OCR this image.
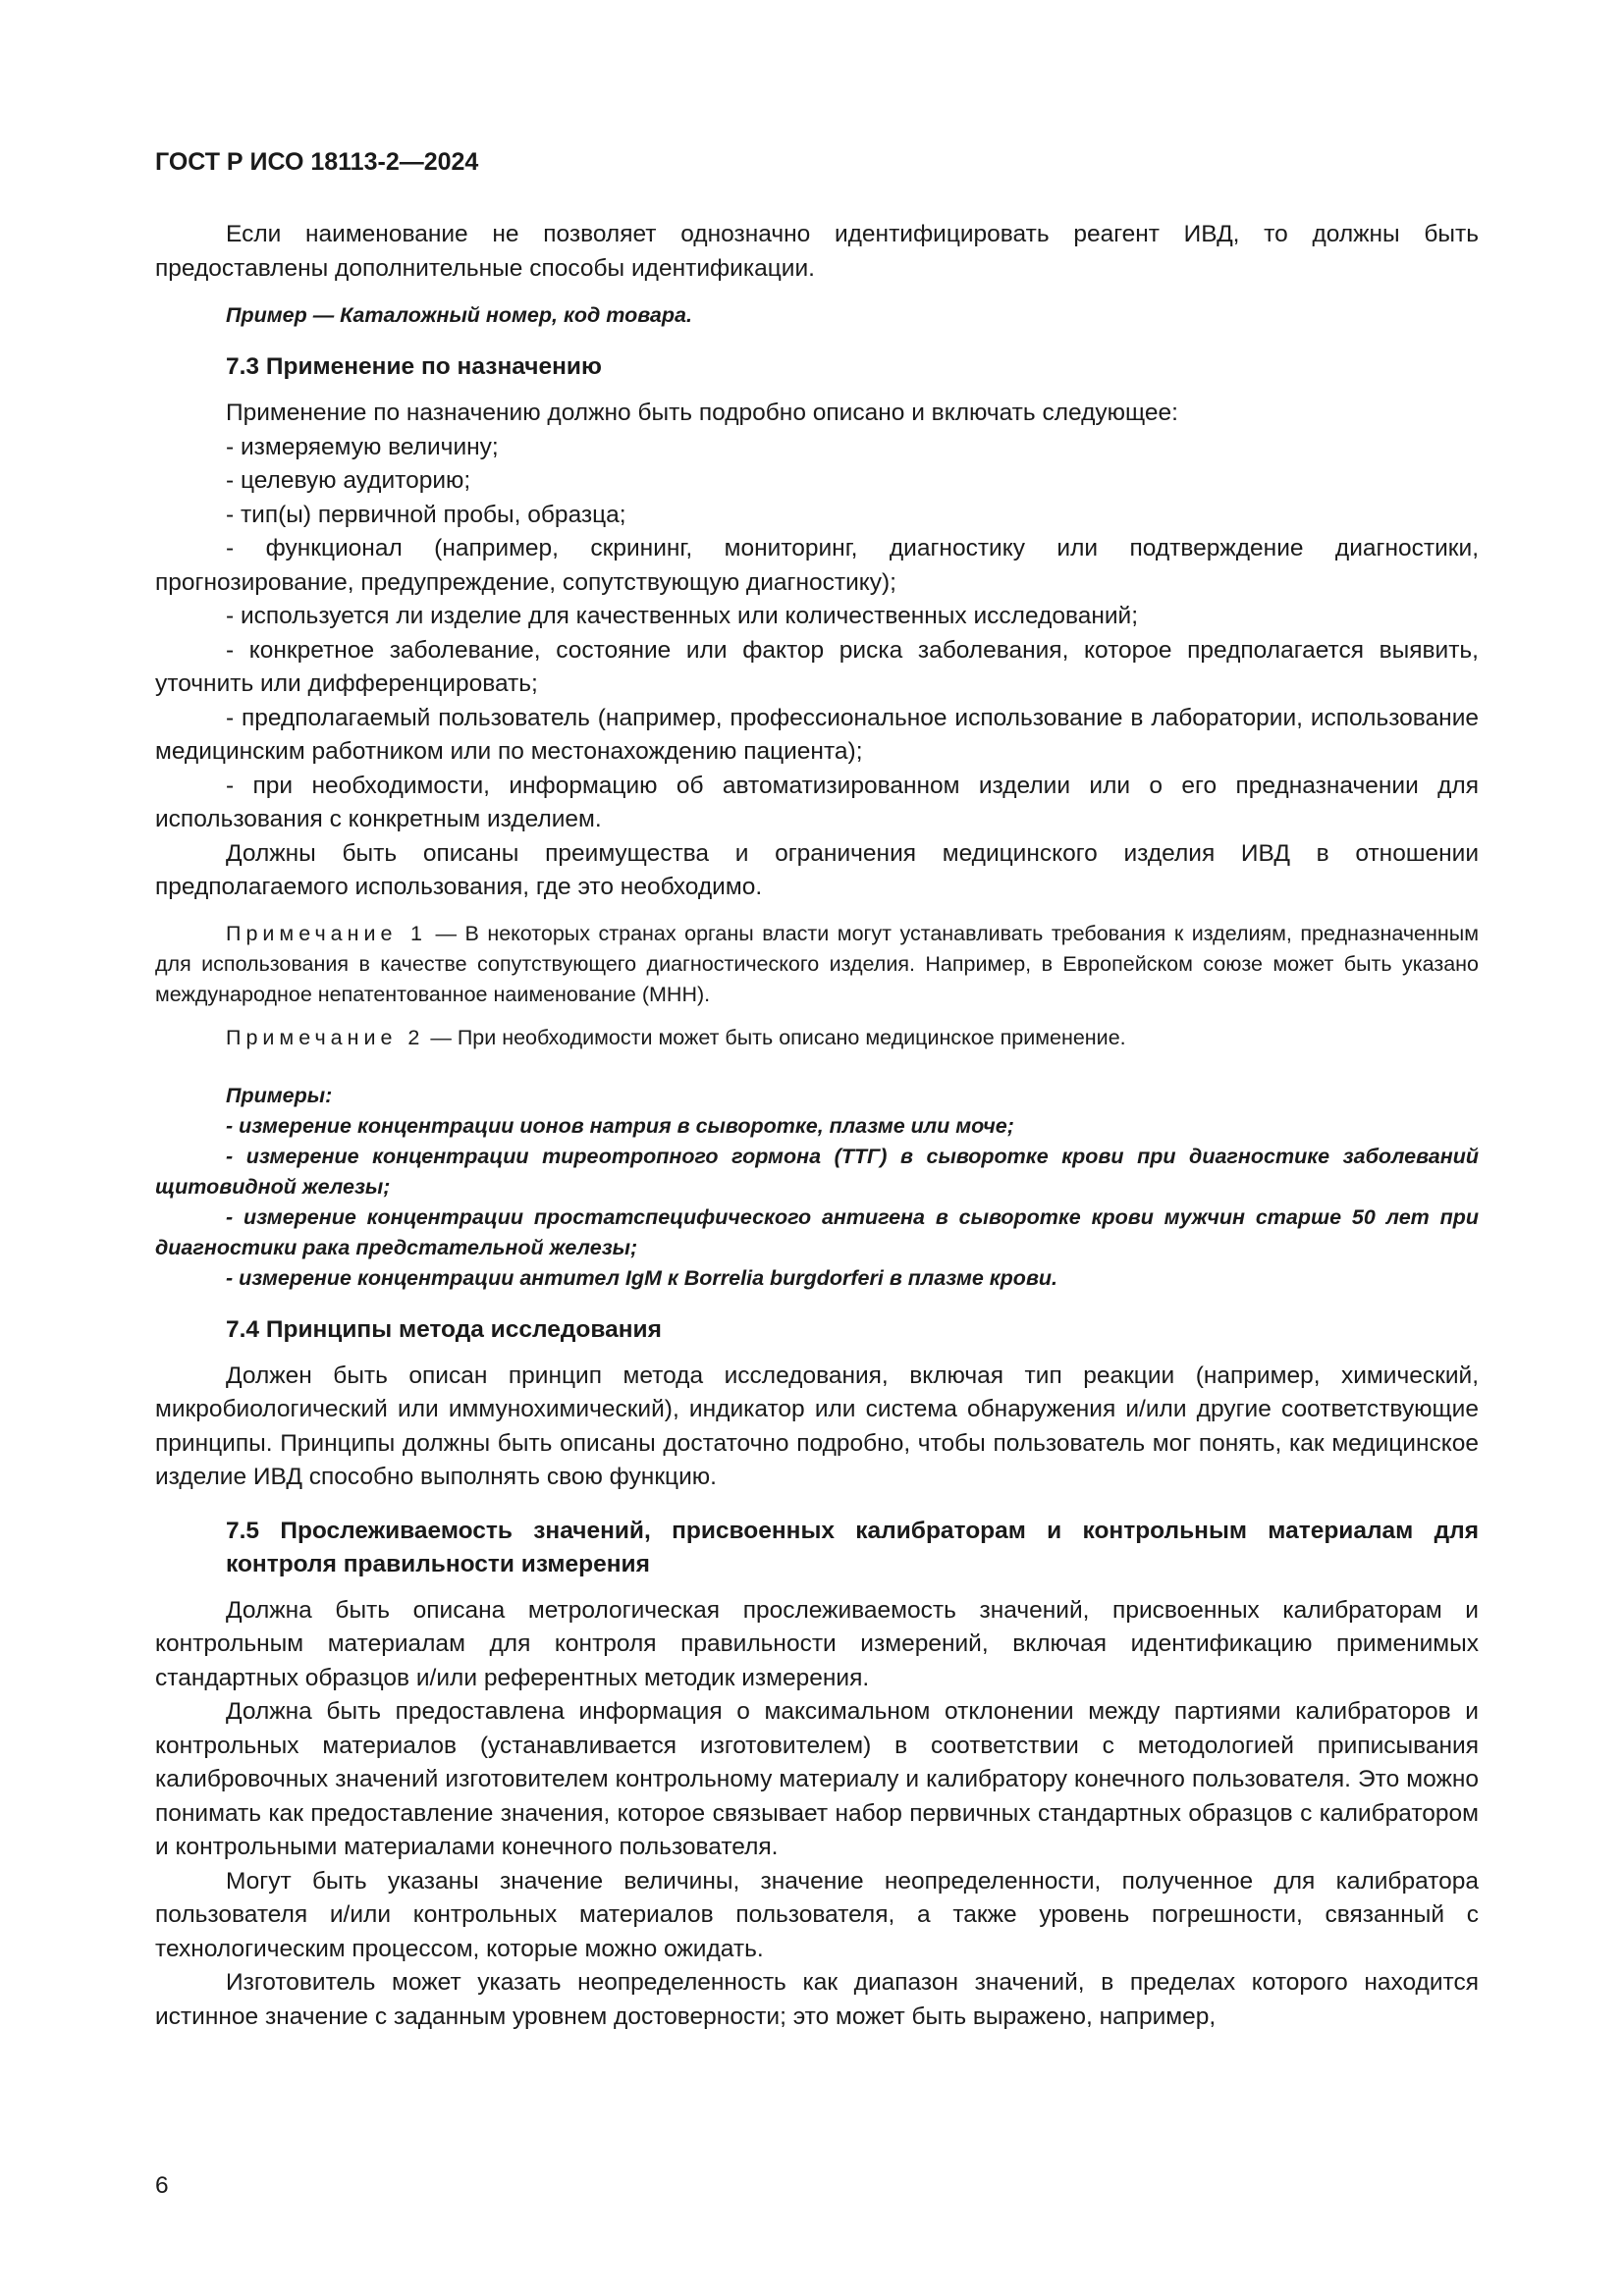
ГОСТ Р ИСО 18113-2—2024

Если наименование не позволяет однозначно идентифицировать реагент ИВД, то должны быть предоставлены дополнительные способы идентификации.

Пример — Каталожный номер, код товара.

7.3 Применение по назначению

Применение по назначению должно быть подробно описано и включать следующее:

- измеряемую величину;

- целевую аудиторию;

- тип(ы) первичной пробы, образца;

- функционал (например, скрининг, мониторинг, диагностику или подтверждение диагностики, прогнозирование, предупреждение, сопутствующую диагностику);

- используется ли изделие для качественных или количественных исследований;

- конкретное заболевание, состояние или фактор риска заболевания, которое предполагается выявить, уточнить или дифференцировать;

- предполагаемый пользователь (например, профессиональное использование в лаборатории, использование медицинским работником или по местонахождению пациента);

- при необходимости, информацию об автоматизированном изделии или о его предназначении для использования с конкретным изделием.

Должны быть описаны преимущества и ограничения медицинского изделия ИВД в отношении предполагаемого использования, где это необходимо.

Примечание 1 — В некоторых странах органы власти могут устанавливать требования к изделиям, предназначенным для использования в качестве сопутствующего диагностического изделия. Например, в Европейском союзе может быть указано международное непатентованное наименование (МНН).

Примечание 2 — При необходимости может быть описано медицинское применение.

Примеры:

- измерение концентрации ионов натрия в сыворотке, плазме или моче;

- измерение концентрации тиреотропного гормона (ТТГ) в сыворотке крови при диагностике заболеваний щитовидной железы;

- измерение концентрации простатспецифического антигена в сыворотке крови мужчин старше 50 лет при диагностики рака предстательной железы;

- измерение концентрации антител IgM к Borrelia burgdorferi в плазме крови.

7.4 Принципы метода исследования

Должен быть описан принцип метода исследования, включая тип реакции (например, химический, микробиологический или иммунохимический), индикатор или система обнаружения и/или другие соответствующие принципы. Принципы должны быть описаны достаточно подробно, чтобы пользователь мог понять, как медицинское изделие ИВД способно выполнять свою функцию.

7.5 Прослеживаемость значений, присвоенных калибраторам и контрольным материалам для контроля правильности измерения

Должна быть описана метрологическая прослеживаемость значений, присвоенных калибраторам и контрольным материалам для контроля правильности измерений, включая идентификацию применимых стандартных образцов и/или референтных методик измерения.

Должна быть предоставлена информация о максимальном отклонении между партиями калибраторов и контрольных материалов (устанавливается изготовителем) в соответствии с методологией приписывания калибровочных значений изготовителем контрольному материалу и калибратору конечного пользователя. Это можно понимать как предоставление значения, которое связывает набор первичных стандартных образцов с калибратором и контрольными материалами конечного пользователя.

Могут быть указаны значение величины, значение неопределенности, полученное для калибратора пользователя и/или контрольных материалов пользователя, а также уровень погрешности, связанный с технологическим процессом, которые можно ожидать.

Изготовитель может указать неопределенность как диапазон значений, в пределах которого находится истинное значение с заданным уровнем достоверности; это может быть выражено, например,

6
